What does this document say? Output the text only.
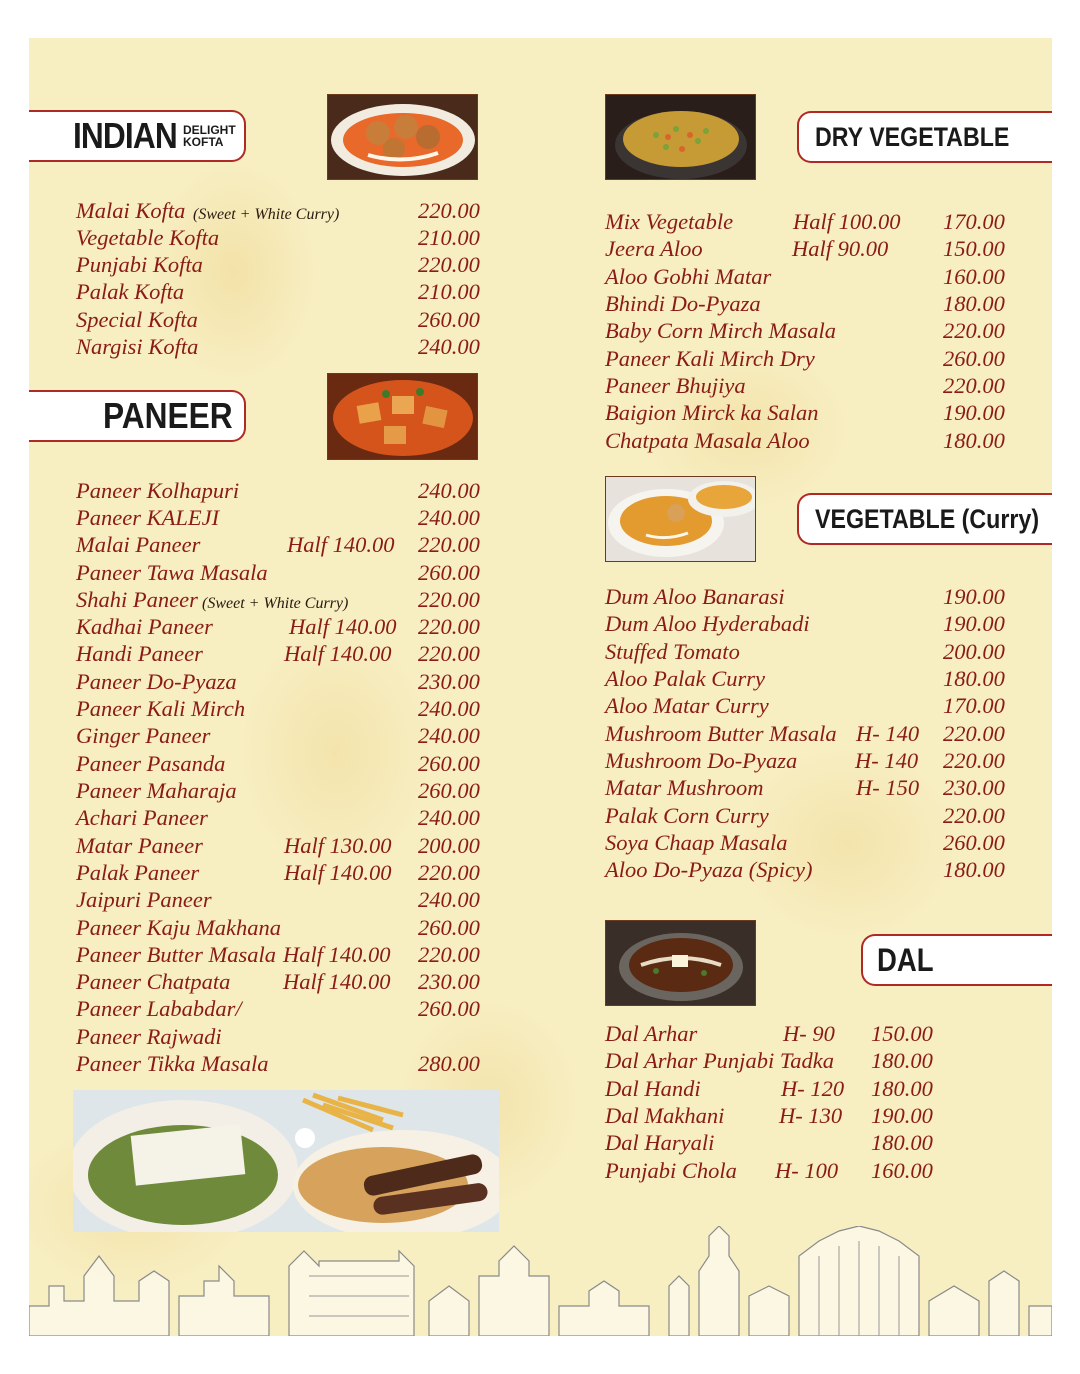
INDIAN DELIGHT
KOFTA
Malai Kofta (Sweet + White Curry)	220.00
Vegetable Kofta	210.00
Punjabi Kofta	220.00
Palak Kofta	210.00
Special Kofta	260.00
Nargisi Kofta	240.00
PANEER
Paneer Kolhapuri	240.00
Paneer KALEJI	240.00
Malai Paneer	Half 140.00 220.00
Paneer Tawa Masala	260.00
Shahi Paneer (Sweet + White Curry)	220.00
Kadhai Paneer	Half 140.00 220.00
Handi Paneer	Half 140.00 220.00
Paneer Do-Pyaza	230.00
Paneer Kali Mirch	240.00
Ginger Paneer	240.00
Paneer Pasanda	260.00
Paneer Maharaja	260.00
Achari Paneer	240.00
Matar Paneer	Half 130.00 200.00
Palak Paneer	Half 140.00 220.00
Jaipuri Paneer	240.00
Paneer Kaju Makhana	260.00
Paneer Butter Masala Half 140.00 220.00
Paneer Chatpata Half 140.00 230.00
Paneer Lababdar/	260.00
Paneer Rajwadi
Paneer Tikka Masala	280.00
DRY VEGETABLE
Mix Vegetable	Half 100.00 170.00
Jeera Aloo	Half 90.00 150.00
Aloo Gobhi Matar	160.00
Bhindi Do-Pyaza	180.00
Baby Corn Mirch Masala	220.00
Paneer Kali Mirch Dry	260.00
Paneer Bhujiya	220.00
Baigion Mirck ka Salan	190.00
Chatpata Masala Aloo	180.00
VEGETABLE (Curry)
Dum Aloo Banarasi	190.00
Dum Aloo Hyderabadi	190.00
Stuffed Tomato	200.00
Aloo Palak Curry	180.00
Aloo Matar Curry	170.00
Mushroom Butter Masala H- 140 220.00
Mushroom Do-Pyaza	H- 140 220.00
Matar Mushroom	H- 150 230.00
Palak Corn Curry	220.00
Soya Chaap Masala	260.00
Aloo Do-Pyaza (Spicy)	180.00
DAL
Dal Arhar	H- 90 150.00
Dal Arhar Punjabi Tadka 180.00
Dal Handi	H- 120 180.00
Dal Makhani H- 130 190.00
Dal Haryali	180.00
Punjabi Chola H- 100 160.00
